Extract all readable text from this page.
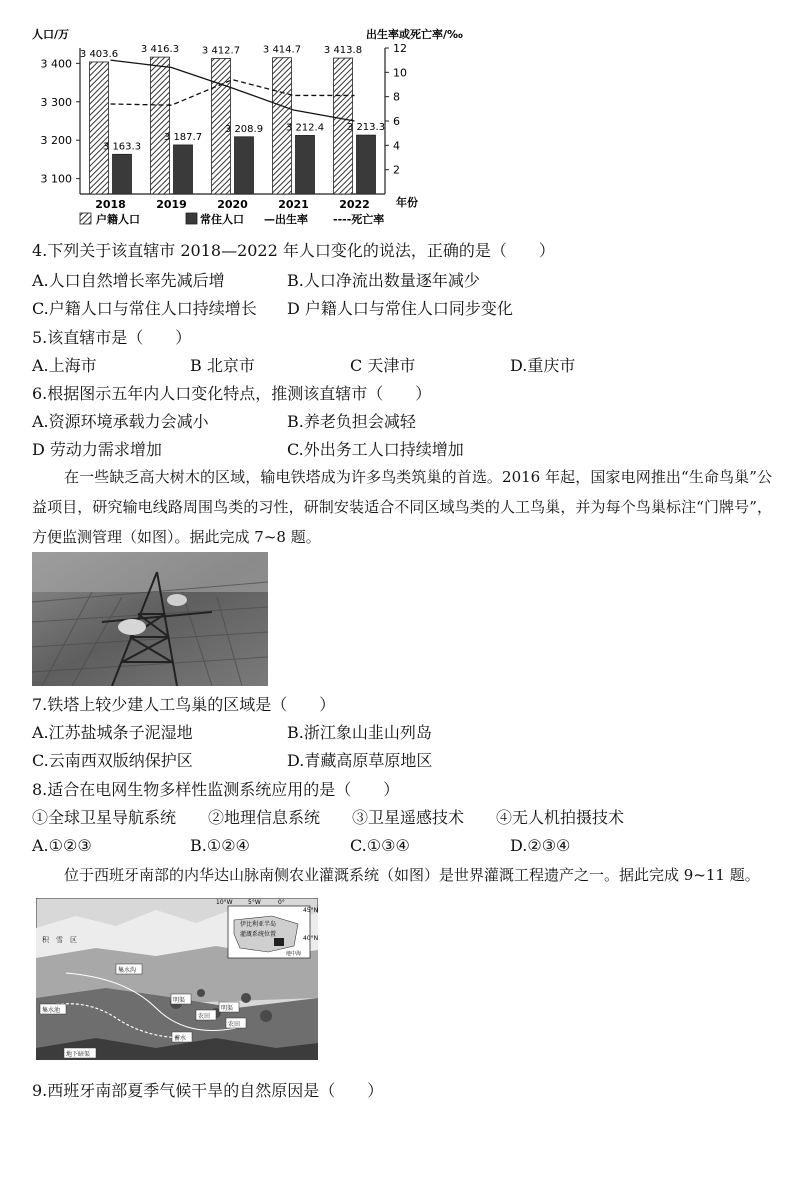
人口/万	出生率或死亡率/‰
年份
3 100
3 200
3 300
3 400
2
4
6
8
10
12
3 403.6
3 163.3
2018
3 416.3
3 187.7
2019
3 412.7
3 208.9
2020
3 414.7
3 212.4
2021
3 413.8
3 213.3
2022
户籍人口	常住人口 —出生率 ----死亡率
4.下列关于该直辖市 2018—2022 年人口变化的说法，正确的是（　　）
A.人口自然增长率先减后增	B.人口净流出数量逐年减少
C.户籍人口与常住人口持续增长 D 户籍人口与常住人口同步变化
5.该直辖市是（　　）
A.上海市	B 北京市	C 天津市	D.重庆市
6.根据图示五年内人口变化特点，推测该直辖市（　　）
A.资源环境承载力会减小	B.养老负担会减轻
D 劳动力需求增加	C.外出务工人口持续增加
在一些缺乏高大树木的区域，输电铁塔成为许多鸟类筑巢的首选。2016 年起，国家电网推出“生命鸟巢”公益项目，研究输电线路周围鸟类的习性，研制安装适合不同区域鸟类的人工鸟巢，并为每个鸟巢标注“门牌号”，方便监测管理（如图）。据此完成 7~8 题。
7.铁塔上较少建人工鸟巢的区域是（　　）
A.江苏盐城条子泥湿地	B.浙江象山韭山列岛
C.云南西双版纳保护区	D.青藏高原草原地区
8.适合在电网生物多样性监测系统应用的是（　　）
①全球卫星导航系统　　②地理信息系统　　③卫星遥感技术　　④无人机拍摄技术
A.①②③	B.①②④	C.①③④	D.②③④
位于西班牙南部的内华达山脉南侧农业灌溉系统（如图）是世界灌溉工程遗产之一。据此完成 9~11 题。
10°W	5°W	0°
45°N
40°N
伊比利亚半岛
灌溉系统位置
地中海
积　雪　区
集水沟
明渠
明渠
农田
农田
集水池
地下暗渠
蓄水
9.西班牙南部夏季气候干旱的自然原因是（　　）
